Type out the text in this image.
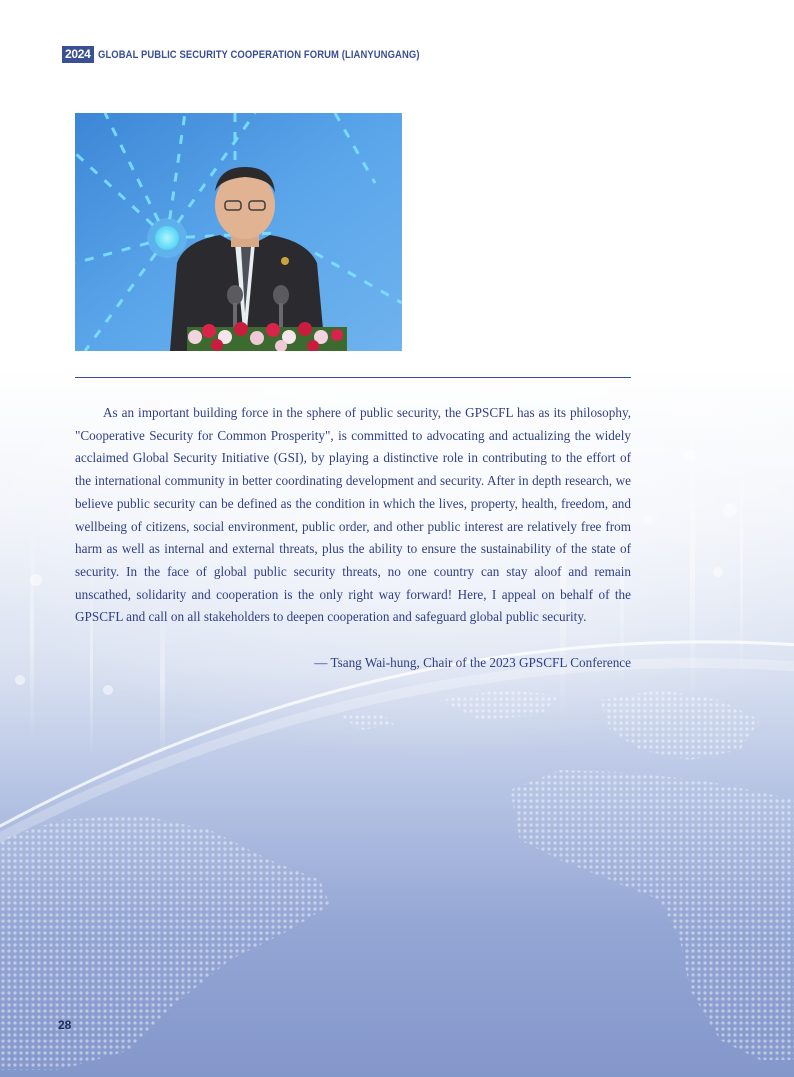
2024 GLOBAL PUBLIC SECURITY COOPERATION FORUM (LIANYUNGANG)

As an important building force in the sphere of public security, the GPSCFL has as its philosophy, "Cooperative Security for Common Prosperity", is committed to advocating and actualizing the widely acclaimed Global Security Initiative (GSI), by playing a distinctive role in contributing to the effort of the international community in better coordinating development and security. After in depth research, we believe public security can be defined as the condition in which the lives, property, health, freedom, and wellbeing of citizens, social environment, public order, and other public interest are relatively free from harm as well as internal and external threats, plus the ability to ensure the sustainability of the state of security. In the face of global public security threats, no one country can stay aloof and remain unscathed, solidarity and cooperation is the only right way forward! Here, I appeal on behalf of the GPSCFL and call on all stakeholders to deepen cooperation and safeguard global public security.

— Tsang Wai-hung, Chair of the 2023 GPSCFL Conference

28
